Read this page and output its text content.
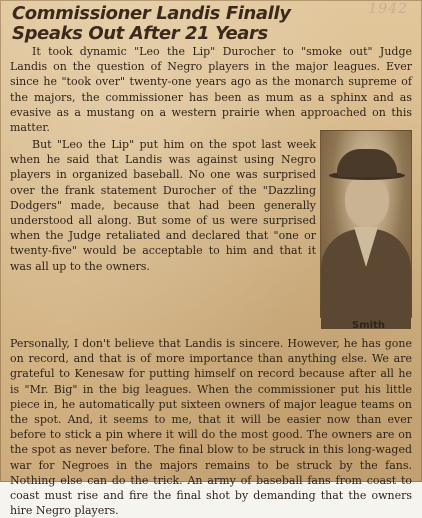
1942
Commissioner Landis Finally
Speaks Out After 21 Years

It took dynamic "Leo the Lip" Durocher to "smoke out" Judge Landis on the question of Negro players in the major leagues. Ever since he "took over" twenty-one years ago as the monarch supreme of the majors, the commissioner has been as mum as a sphinx and as evasive as a mustang on a western prairie when approached on this matter.

But "Leo the Lip" put him on the spot last week when he said that Landis was against using Negro players in organized baseball. No one was surprised over the frank statement Durocher of the "Dazzling Dodgers" made, because that had been generally understood all along. But some of us were surprised when the Judge retaliated and declared that "one or twenty-five" would be acceptable to him and that it was all up to the owners.

Smith

Personally, I don't believe that Landis is sincere. However, he has gone on record, and that is of more importance than anything else. We are grateful to Kenesaw for putting himself on record because after all he is "Mr. Big" in the big leagues. When the commissioner put his little piece in, he automatically put sixteen owners of major league teams on the spot. And, it seems to me, that it will be easier now than ever before to stick a pin where it will do the most good. The owners are on the spot as never before. The final blow to be struck in this long-waged war for Negroes in the majors remains to be struck by the fans. Nothing else can do the trick. An army of baseball fans from coast to coast must rise and fire the final shot by demanding that the owners hire Negro players.
